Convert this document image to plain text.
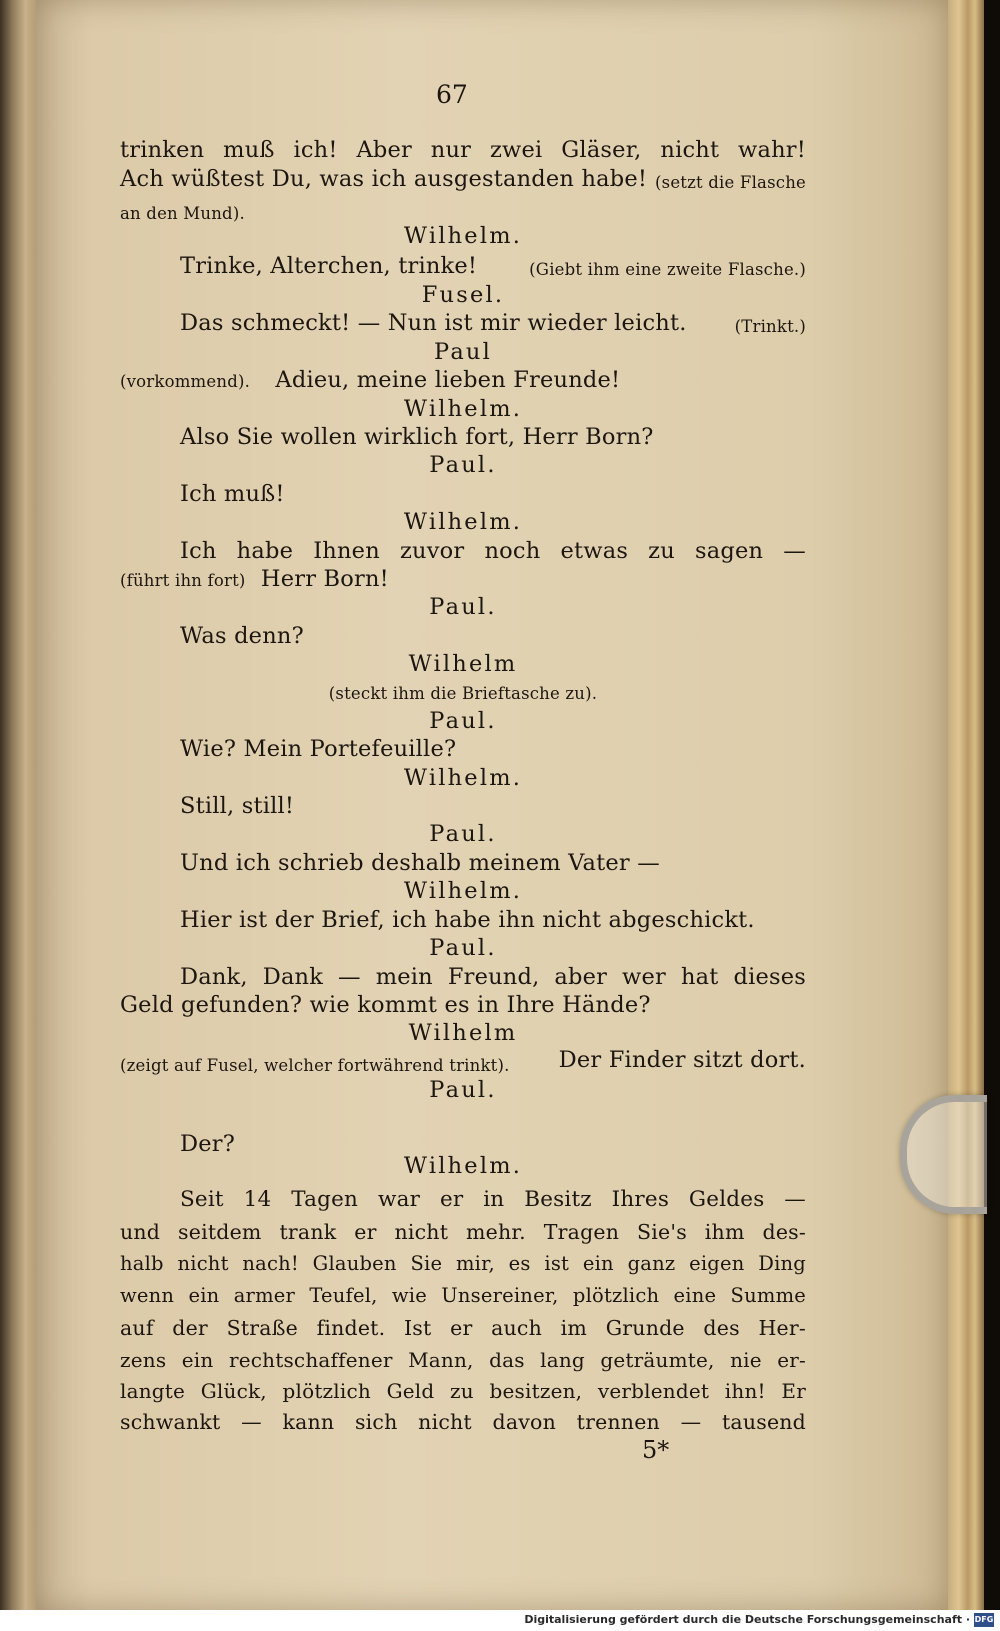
67
trinken muß ich! Aber nur zwei Gläser, nicht wahr!
Ach wüßtest Du, was ich ausgestanden habe! (setzt die Flasche
an den Mund).
Wilhelm.
Trinke, Alterchen, trinke!	(Giebt ihm eine zweite Flasche.)
Fusel.
Das schmeckt! — Nun ist mir wieder leicht.	(Trinkt.)
Paul
(vorkommend). Adieu, meine lieben Freunde!
Wilhelm.
Also Sie wollen wirklich fort, Herr Born?
Paul.
Ich muß!
Wilhelm.
Ich habe Ihnen zuvor noch etwas zu sagen —
(führt ihn fort) Herr Born!
Paul.
Was denn?
Wilhelm
(steckt ihm die Brieftasche zu).
Paul.
Wie? Mein Portefeuille?
Wilhelm.
Still, still!
Paul.
Und ich schrieb deshalb meinem Vater —
Wilhelm.
Hier ist der Brief, ich habe ihn nicht abgeschickt.
Paul.
Dank, Dank — mein Freund, aber wer hat dieses
Geld gefunden? wie kommt es in Ihre Hände?
Wilhelm
(zeigt auf Fusel, welcher fortwährend trinkt). Der Finder sitzt dort.
Paul.
Der?
Wilhelm.
Seit 14 Tagen war er in Besitz Ihres Geldes —
und seitdem trank er nicht mehr. Tragen Sie's ihm des-
halb nicht nach! Glauben Sie mir, es ist ein ganz eigen Ding
wenn ein armer Teufel, wie Unsereiner, plötzlich eine Summe
auf der Straße findet. Ist er auch im Grunde des Her-
zens ein rechtschaffener Mann, das lang geträumte, nie er-
langte Glück, plötzlich Geld zu besitzen, verblendet ihn! Er
schwankt — kann sich nicht davon trennen — tausend
5*
Digitalisierung gefördert durch die Deutsche Forschungsgemeinschaft · DFG
